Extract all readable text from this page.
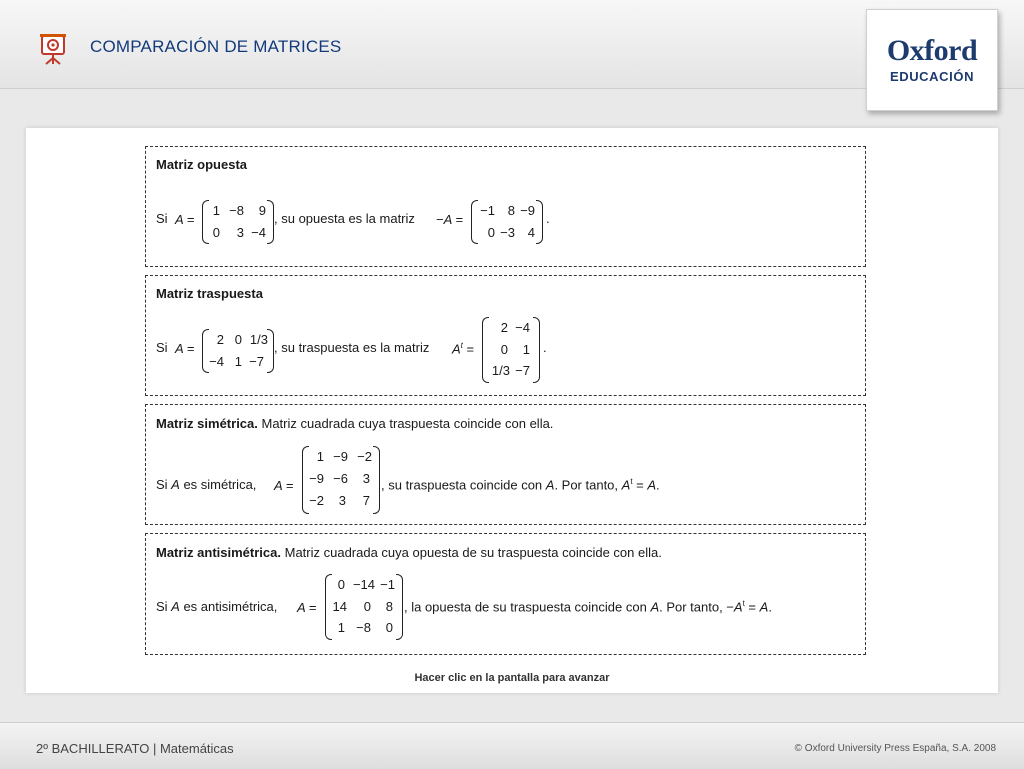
COMPARACIÓN DE MATRICES	Oxford
EDUCACIÓN
Matriz opuesta
Si A =
1 −8	9
0	3 −4
, su opuesta es la matriz −A =
−1 8 −9
0 −3 4
.
Matriz traspuesta
Si A =
2 0 1/3
−4 1 −7
, su traspuesta es la matriz $A^t$ =
2 −4
0	1
1/3 −7
.
Matriz simétrica. Matriz cuadrada cuya traspuesta coincide con ella.
Si A es simétrica, A =
1 −9 −2
−9 −6	3
−2	3	7
, su traspuesta coincide con A. Por tanto, $A^t = A$.
Matriz antisimétrica. Matriz cuadrada cuya opuesta de su traspuesta coincide con ella.
Si A es antisimétrica, A =
0 −14 −1
14	0	8
1 −8	0
, la opuesta de su traspuesta coincide con A. Por tanto, $-A^t = A$.
Hacer clic en la pantalla para avanzar
2º BACHILLERATO | Matemáticas	© Oxford University Press España, S.A. 2008
